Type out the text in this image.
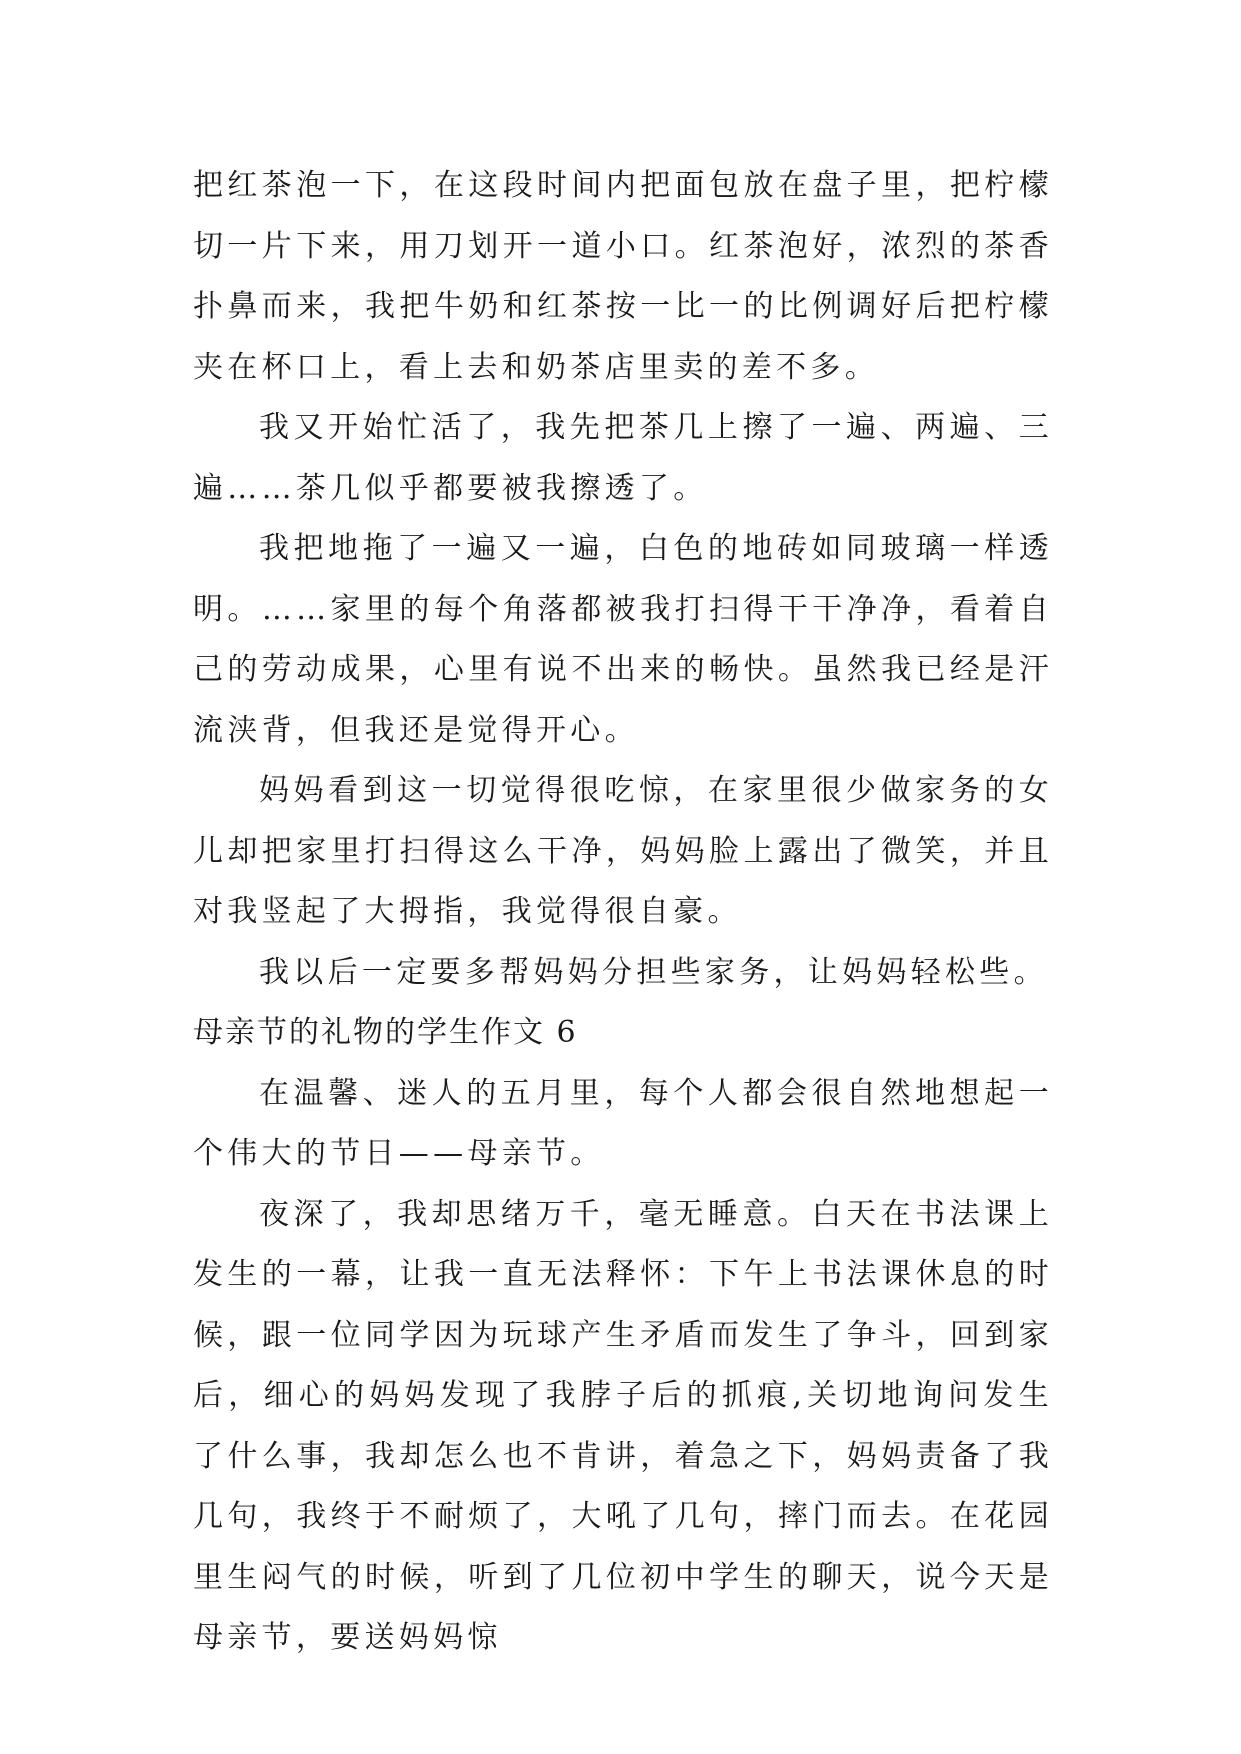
把红茶泡一下，在这段时间内把面包放在盘子里，把柠檬切一片下来，用刀划开一道小口。红茶泡好，浓烈的茶香扑鼻而来，我把牛奶和红茶按一比一的比例调好后把柠檬夹在杯口上，看上去和奶茶店里卖的差不多。

我又开始忙活了，我先把茶几上擦了一遍、两遍、三遍……茶几似乎都要被我擦透了。

我把地拖了一遍又一遍，白色的地砖如同玻璃一样透明。……家里的每个角落都被我打扫得干干净净，看着自己的劳动成果，心里有说不出来的畅快。虽然我已经是汗流浃背，但我还是觉得开心。

妈妈看到这一切觉得很吃惊，在家里很少做家务的女儿却把家里打扫得这么干净，妈妈脸上露出了微笑，并且对我竖起了大拇指，我觉得很自豪。

我以后一定要多帮妈妈分担些家务，让妈妈轻松些。

母亲节的礼物的学生作文 6

在温馨、迷人的五月里，每个人都会很自然地想起一个伟大的节日——母亲节。

夜深了，我却思绪万千，毫无睡意。白天在书法课上发生的一幕，让我一直无法释怀：下午上书法课休息的时候，跟一位同学因为玩球产生矛盾而发生了争斗，回到家后，细心的妈妈发现了我脖子后的抓痕,关切地询问发生了什么事，我却怎么也不肯讲，着急之下，妈妈责备了我几句，我终于不耐烦了，大吼了几句，摔门而去。在花园里生闷气的时候，听到了几位初中学生的聊天，说今天是母亲节，要送妈妈惊
